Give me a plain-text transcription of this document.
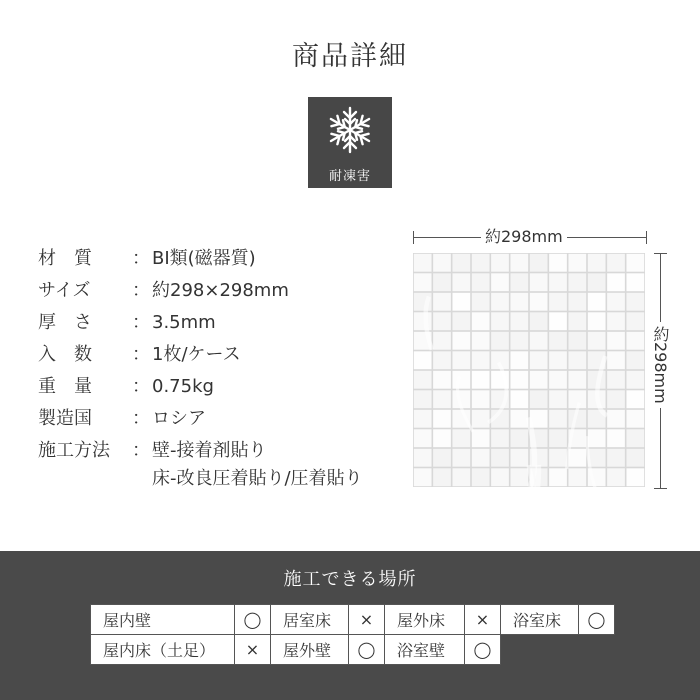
商品詳細
耐凍害
材　質	： BⅠ類(磁器質)
サイズ	： 約298×298mm
厚　さ	： 3.5mm
入　数	： 1枚/ケース
重　量	： 0.75kg
製造国	： ロシア
施工方法	： 壁-接着剤貼り
床-改良圧着貼り/圧着貼り
約298mm
約298mm
施工できる場所
屋内壁	◯	居室床	×	屋外床	×	浴室床	◯
屋内床（土足）	×	屋外壁	◯	浴室壁	◯		
